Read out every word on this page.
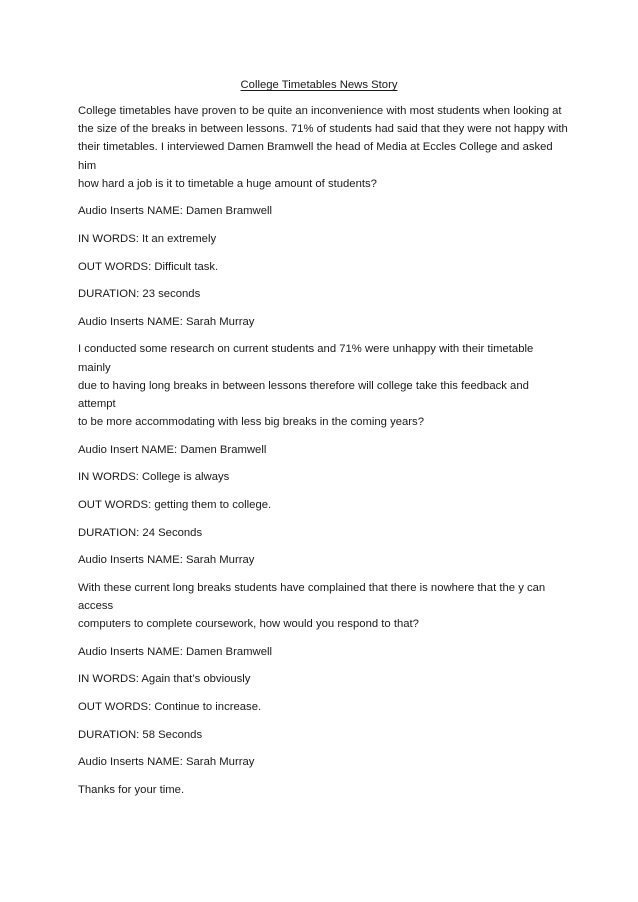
College Timetables News Story

College timetables have proven to be quite an inconvenience with most students when looking at
the size of the breaks in between lessons. 71% of students had said that they were not happy with
their timetables. I interviewed Damen Bramwell the head of Media at Eccles College and asked him
how hard a job is it to timetable a huge amount of students?

Audio Inserts NAME: Damen Bramwell

IN WORDS: It an extremely

OUT WORDS: Difficult task.

DURATION: 23 seconds

Audio Inserts NAME: Sarah Murray

I conducted some research on current students and 71% were unhappy with their timetable mainly
due to having long breaks in between lessons therefore will college take this feedback and attempt
to be more accommodating with less big breaks in the coming years?

Audio Insert NAME: Damen Bramwell

IN WORDS: College is always

OUT WORDS: getting them to college.

DURATION: 24 Seconds

Audio Inserts NAME: Sarah Murray

With these current long breaks students have complained that there is nowhere that the y can access
computers to complete coursework, how would you respond to that?

Audio Inserts NAME: Damen Bramwell

IN WORDS: Again that’s obviously

OUT WORDS: Continue to increase.

DURATION: 58 Seconds

Audio Inserts NAME: Sarah Murray

Thanks for your time.
